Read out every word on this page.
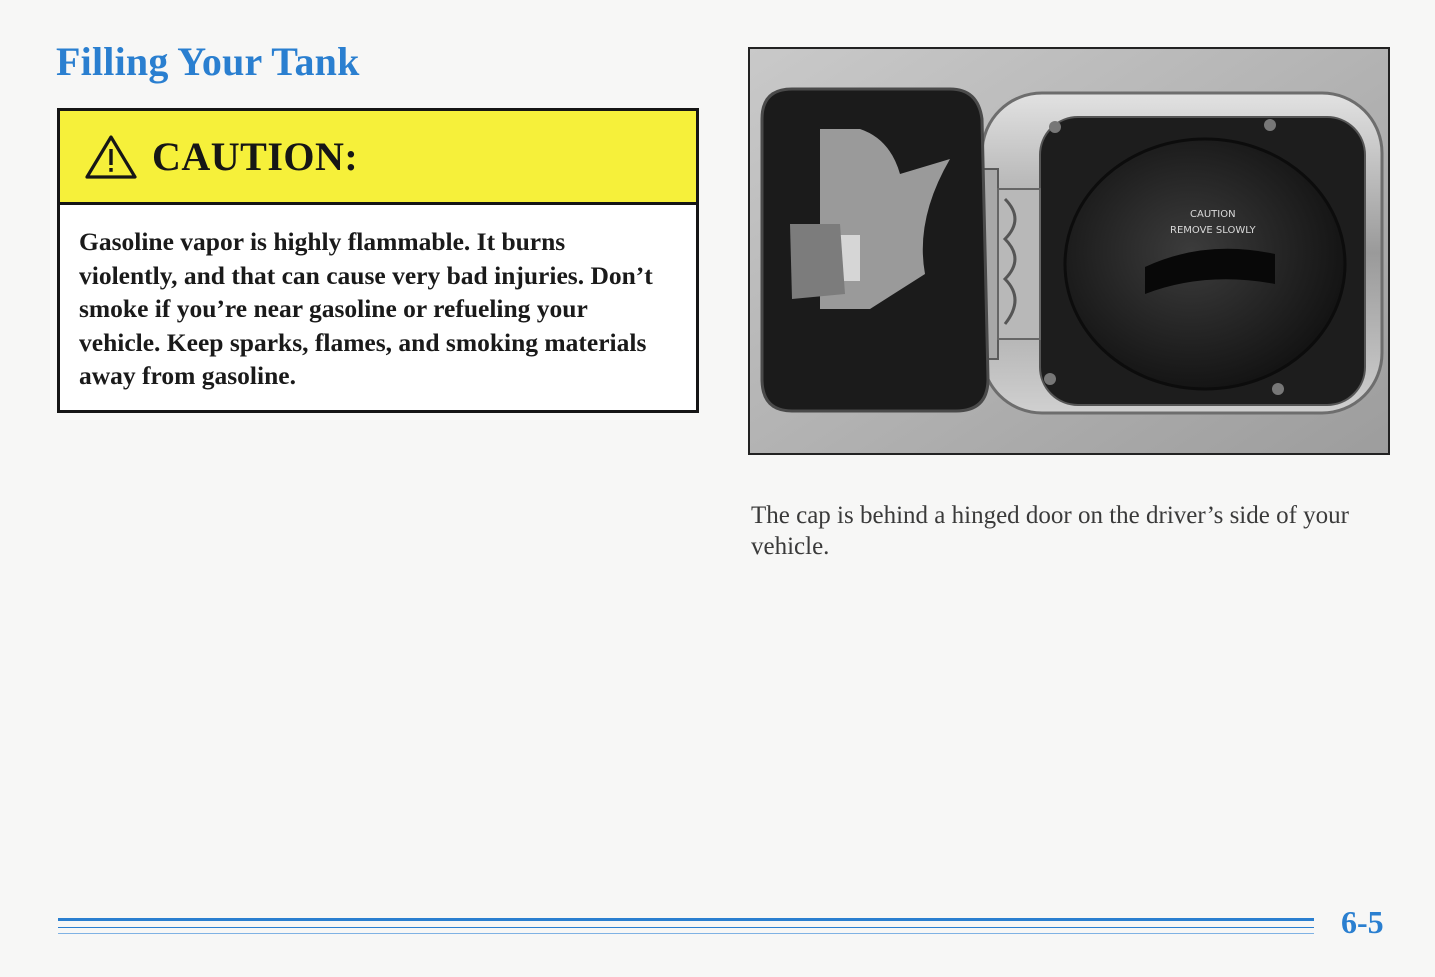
Filling Your Tank
CAUTION:

Gasoline vapor is highly flammable. It burns violently, and that can cause very bad injuries. Don’t smoke if you’re near gasoline or refueling your vehicle. Keep sparks, flames, and smoking materials away from gasoline.

CAUTION
REMOVE SLOWLY

The cap is behind a hinged door on the driver’s side of your vehicle.

6-5
